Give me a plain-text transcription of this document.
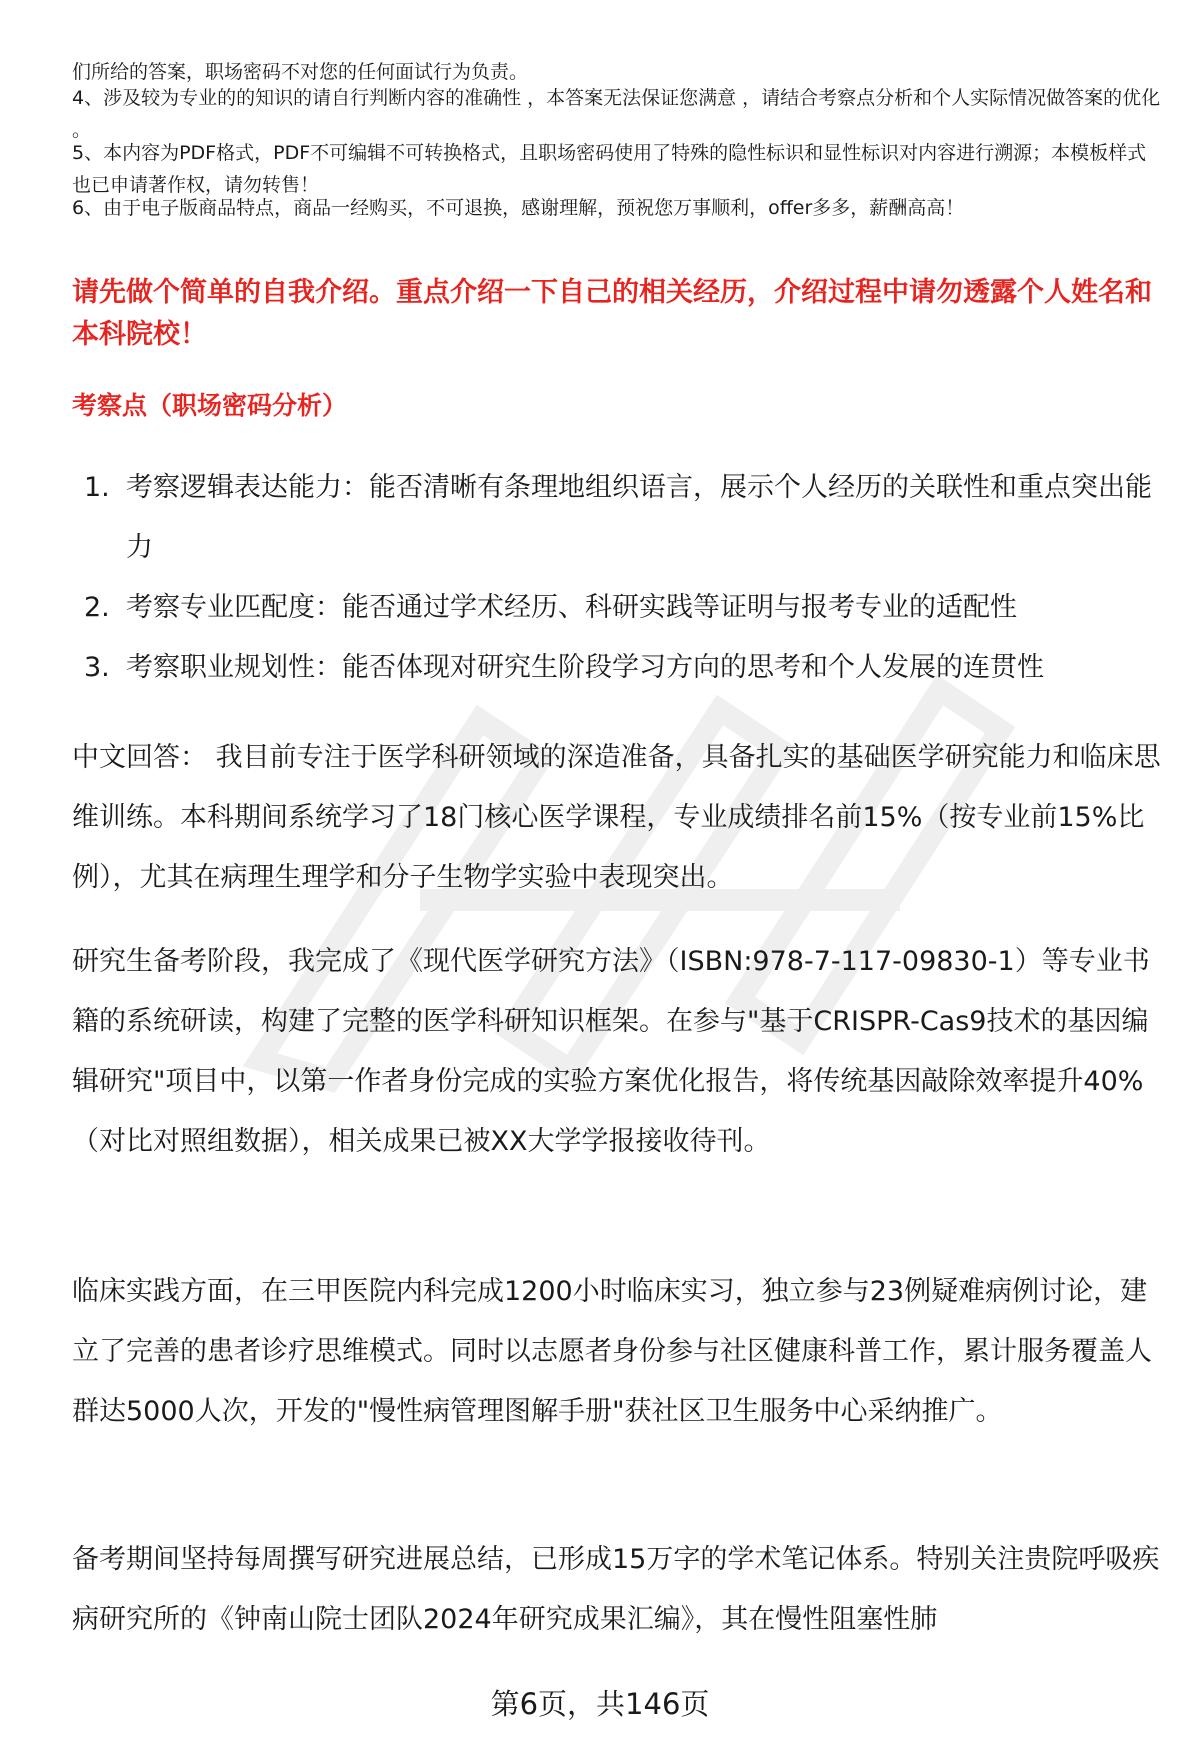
们所给的答案，职场密码不对您的任何面试行为负责。

4、涉及较为专业的的知识的请自行判断内容的准确性 ，本答案无法保证您满意 ，请结合考察点分析和个人实际情况做答案的优化 。

5、本内容为PDF格式，PDF不可编辑不可转换格式，且职场密码使用了特殊的隐性标识和显性标识对内容进行溯源；本模板样式也已申请著作权，请勿转售！

6、由于电子版商品特点，商品一经购买，不可退换，感谢理解，预祝您万事顺利，offer多多，薪酬高高！

请先做个简单的自我介绍。重点介绍一下自己的相关经历，介绍过程中请勿透露个人姓名和本科院校！
考察点（职场密码分析）
1. 考察逻辑表达能力：能否清晰有条理地组织语言，展示个人经历的关联性和重点突出能力
2. 考察专业匹配度：能否通过学术经历、科研实践等证明与报考专业的适配性
3. 考察职业规划性：能否体现对研究生阶段学习方向的思考和个人发展的连贯性

中文回答： 我目前专注于医学科研领域的深造准备，具备扎实的基础医学研究能力和临床思维训练。本科期间系统学习了18门核心医学课程，专业成绩排名前15%（按专业前15%比例），尤其在病理生理学和分子生物学实验中表现突出。

研究生备考阶段，我完成了《现代医学研究方法》（ISBN:978-7-117-09830-1）等专业书籍的系统研读，构建了完整的医学科研知识框架。在参与"基于CRISPR-Cas9技术的基因编辑研究"项目中，以第一作者身份完成的实验方案优化报告，将传统基因敲除效率提升40%（对比对照组数据），相关成果已被XX大学学报接收待刊。

临床实践方面，在三甲医院内科完成1200小时临床实习，独立参与23例疑难病例讨论，建立了完善的患者诊疗思维模式。同时以志愿者身份参与社区健康科普工作，累计服务覆盖人群达5000人次，开发的"慢性病管理图解手册"获社区卫生服务中心采纳推广。

备考期间坚持每周撰写研究进展总结，已形成15万字的学术笔记体系。特别关注贵院呼吸疾病研究所的《钟南山院士团队2024年研究成果汇编》，其在慢性阻塞性肺

第6页，共146页
